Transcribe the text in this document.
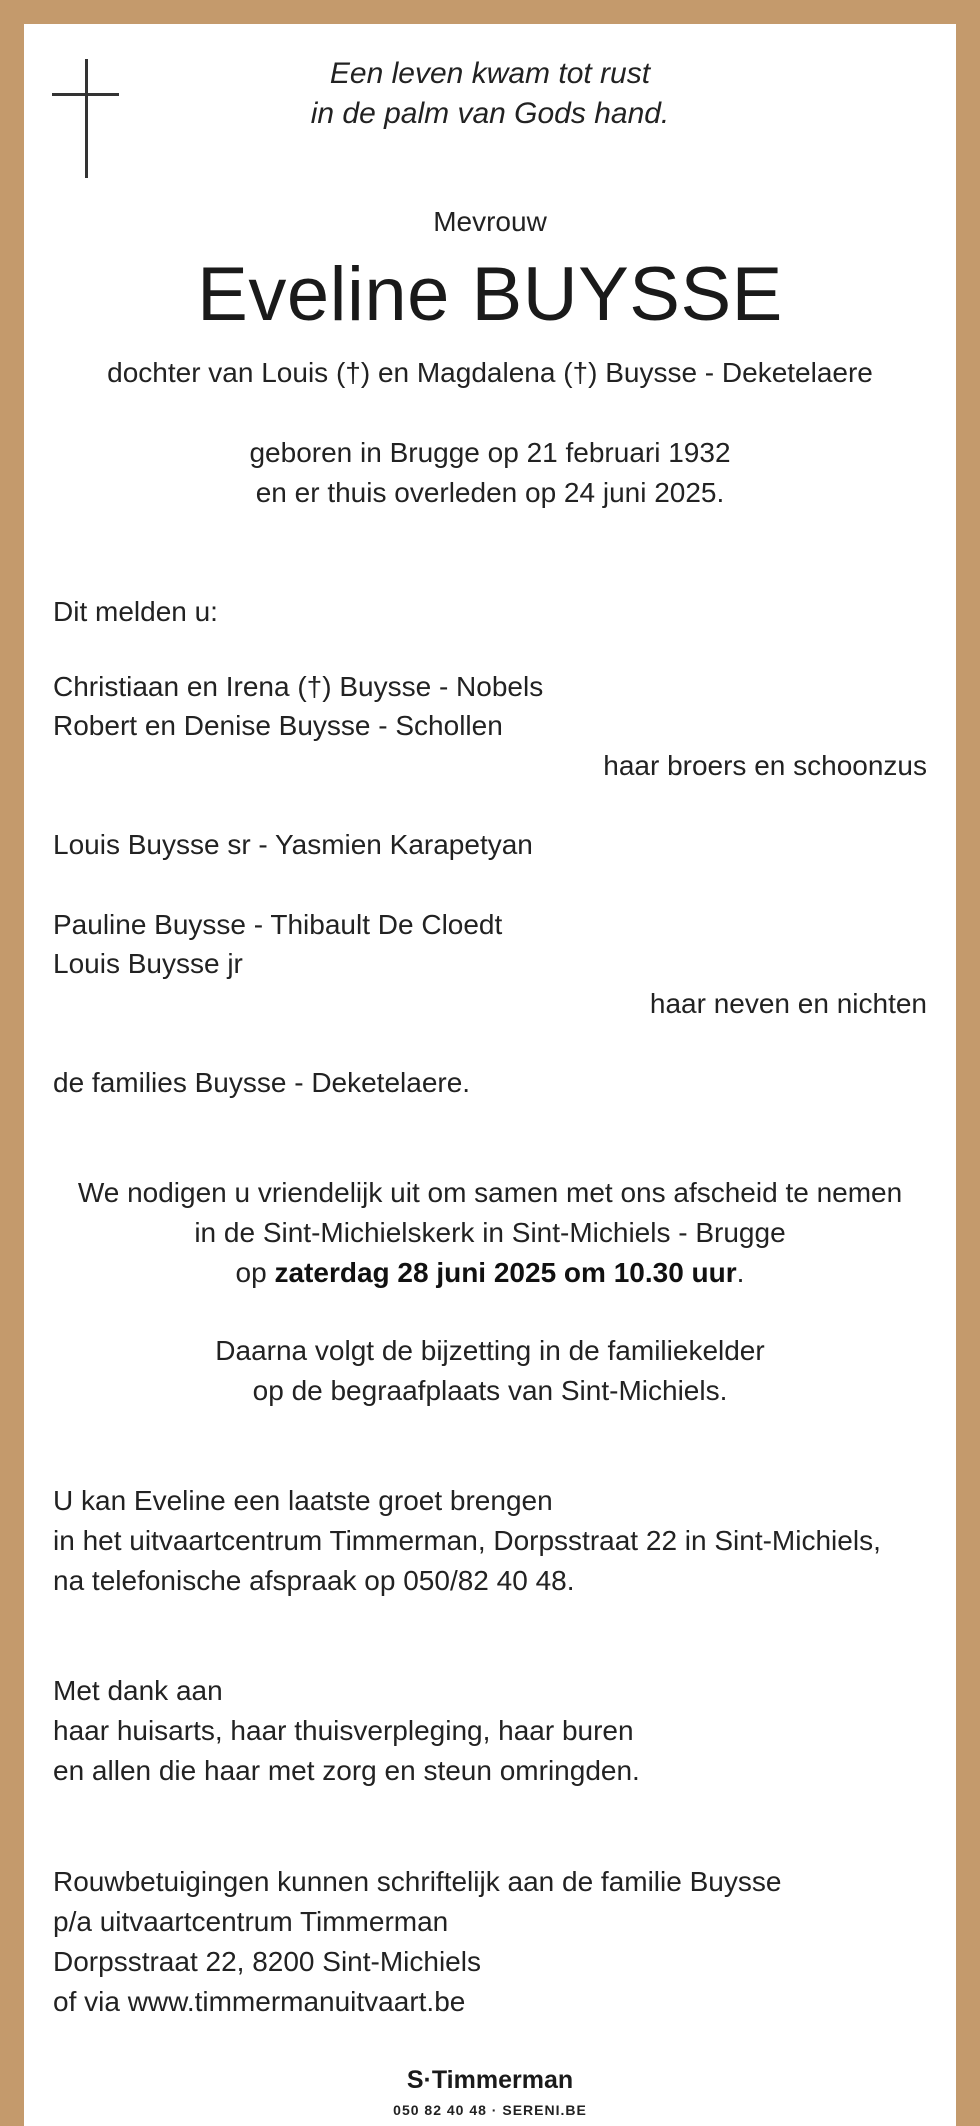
Een leven kwam tot rust
in de palm van Gods hand.
Mevrouw
Eveline BUYSSE
dochter van Louis (†) en Magdalena (†) Buysse - Deketelaere
geboren in Brugge op 21 februari 1932
en er thuis overleden op 24 juni 2025.
Dit melden u:
Christiaan en Irena (†) Buysse - Nobels
Robert en Denise Buysse - Schollen
haar broers en schoonzus
Louis Buysse sr - Yasmien Karapetyan
Pauline Buysse - Thibault De Cloedt
Louis Buysse jr
haar neven en nichten
de families Buysse - Deketelaere.
We nodigen u vriendelijk uit om samen met ons afscheid te nemen
in de Sint-Michielskerk in Sint-Michiels - Brugge
op zaterdag 28 juni 2025 om 10.30 uur.
Daarna volgt de bijzetting in de familiekelder
op de begraafplaats van Sint-Michiels.
U kan Eveline een laatste groet brengen
in het uitvaartcentrum Timmerman, Dorpsstraat 22 in Sint-Michiels,
na telefonische afspraak op 050/82 40 48.
Met dank aan
haar huisarts, haar thuisverpleging, haar buren
en allen die haar met zorg en steun omringden.
Rouwbetuigingen kunnen schriftelijk aan de familie Buysse
p/a uitvaartcentrum Timmerman
Dorpsstraat 22, 8200 Sint-Michiels
of via www.timmermanuitvaart.be
S·Timmerman
050 82 40 48 · SERENI.BE
